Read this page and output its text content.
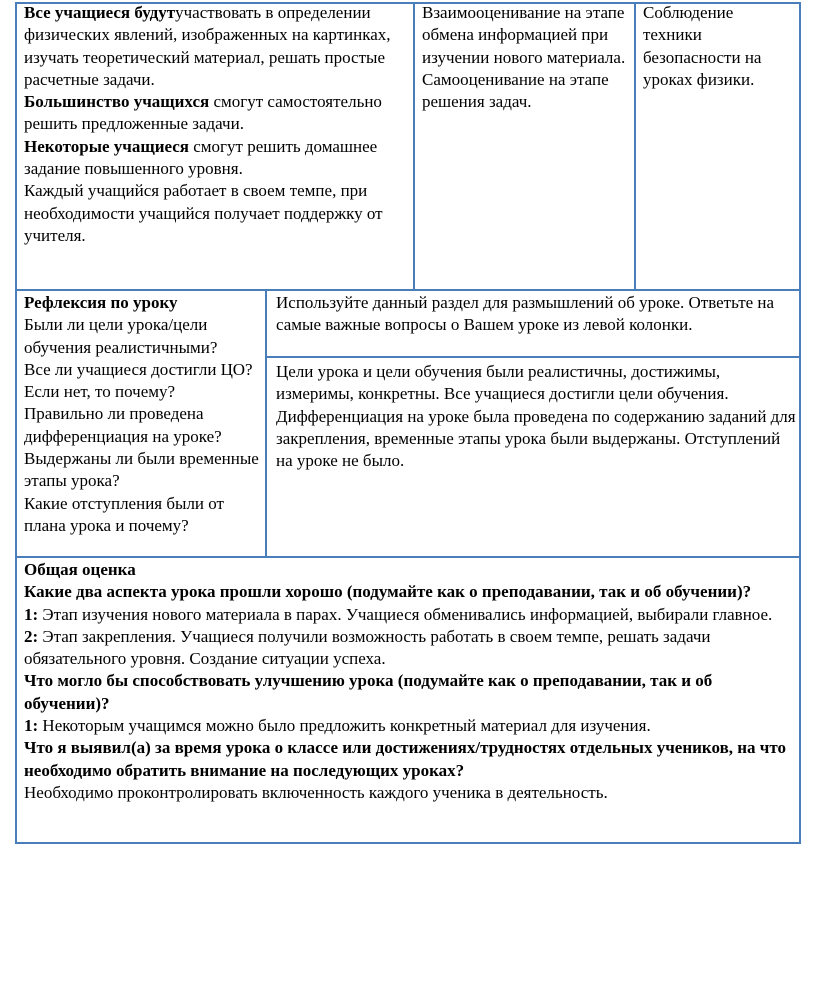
Все учащиеся будутучаствовать в определении физических явлений, изображенных на картинках, изучать теоретический материал, решать простые расчетные задачи.

Большинство учащихся смогут самостоятельно решить предложенные задачи.

Некоторые учащиеся смогут решить домашнее задание повышенного уровня.

Каждый учащийся работает в своем темпе, при необходимости учащийся получает поддержку от учителя.

Взаимооценивание на этапе обмена информацией при изучении нового материала.

Самооценивание на этапе решения задач.

Соблюдение техники безопасности на уроках физики.

Рефлексия по уроку

Были ли цели урока/цели обучения реалистичными?

Все ли учащиеся достигли ЦО?

Если нет, то почему?

Правильно ли проведена дифференциация на уроке?

Выдержаны ли были временные этапы урока?

Какие отступления были от плана урока и почему?

Используйте данный раздел для размышлений об уроке. Ответьте на самые важные вопросы о Вашем уроке из левой колонки.

Цели урока и цели обучения были реалистичны, достижимы, измеримы, конкретны. Все учащиеся достигли цели обучения. Дифференциация на уроке была проведена по содержанию заданий для закрепления, временные этапы урока были выдержаны. Отступлений на уроке не было.

Общая оценка

Какие два аспекта урока прошли хорошо (подумайте как о преподавании, так и об обучении)?

1: Этап изучения нового материала в парах. Учащиеся обменивались информацией, выбирали главное.

2: Этап закрепления. Учащиеся получили возможность работать в своем темпе, решать задачи обязательного уровня. Создание ситуации успеха.

Что могло бы способствовать улучшению урока (подумайте как о преподавании, так и об обучении)?

1: Некоторым учащимся можно было предложить конкретный материал для изучения.

Что я выявил(а) за время урока о классе или достижениях/трудностях отдельных учеников, на что необходимо обратить внимание на последующих уроках?

Необходимо проконтролировать включенность каждого ученика в деятельность.
